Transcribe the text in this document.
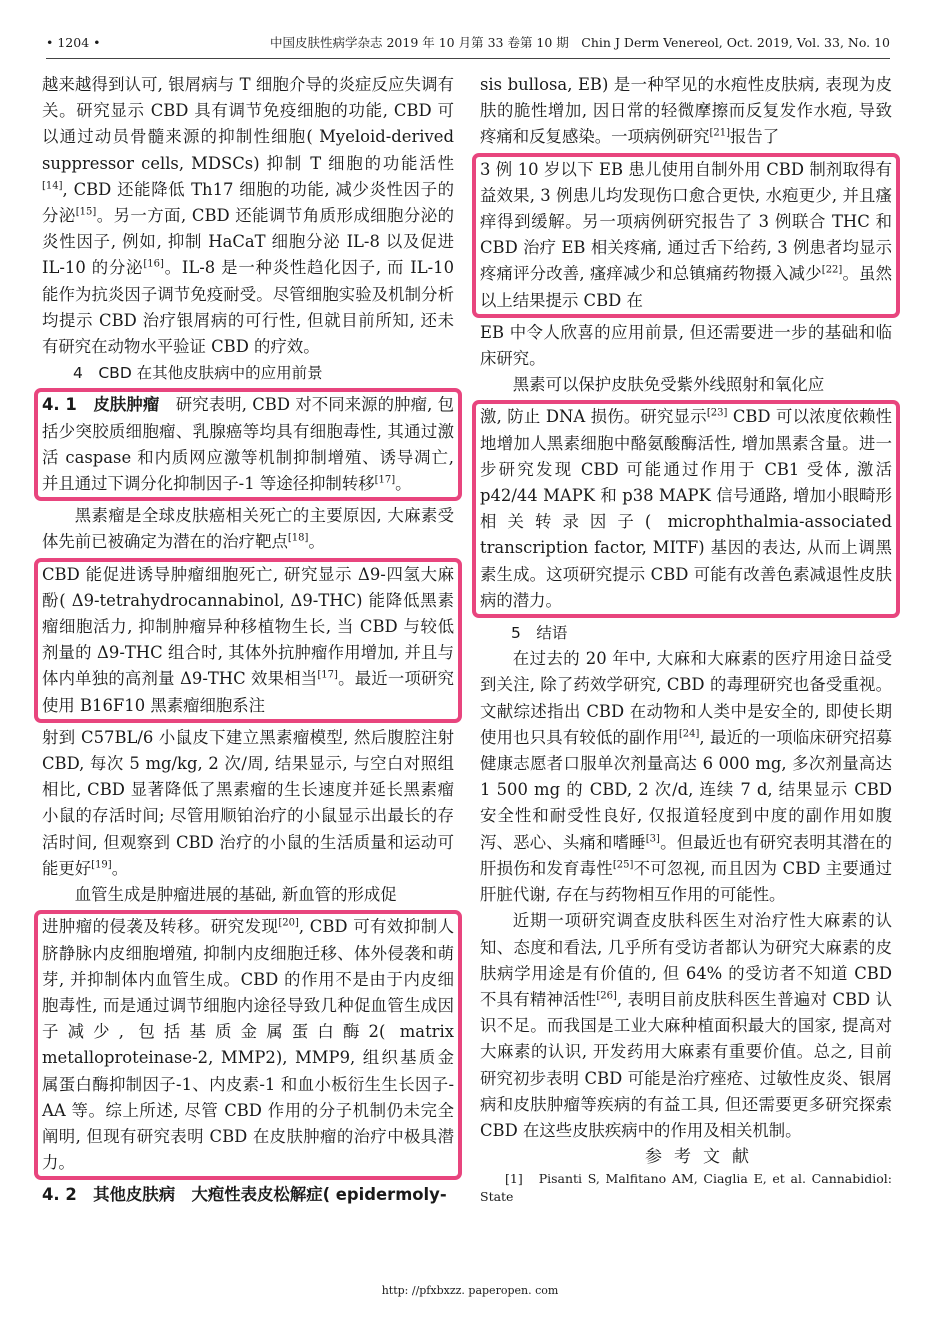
• 1204 •	中国皮肤性病学杂志 2019 年 10 月第 33 卷第 10 期　Chin J Derm Venereol, Oct. 2019, Vol. 33, No. 10

越来越得到认可, 银屑病与 T 细胞介导的炎症反应失调有关。研究显示 CBD 具有调节免疫细胞的功能, CBD 可以通过动员骨髓来源的抑制性细胞( Myeloid-derived suppressor cells, MDSCs) 抑制 T 细胞的功能活性[14], CBD 还能降低 Th17 细胞的功能, 减少炎性因子的分泌[15]。另一方面, CBD 还能调节角质形成细胞分泌的炎性因子, 例如, 抑制 HaCaT 细胞分泌 IL-8 以及促进 IL-10 的分泌[16]。IL-8 是一种炎性趋化因子, 而 IL-10 能作为抗炎因子调节免疫耐受。尽管细胞实验及机制分析均提示 CBD 治疗银屑病的可行性, 但就目前所知, 还未有研究在动物水平验证 CBD 的疗效。

4　CBD 在其他皮肤病中的应用前景

4. 1　皮肤肿瘤　研究表明, CBD 对不同来源的肿瘤, 包括少突胶质细胞瘤、乳腺癌等均具有细胞毒性, 其通过激活 caspase 和内质网应激等机制抑制增殖、诱导凋亡, 并且通过下调分化抑制因子-1 等途径抑制转移[17]。

黑素瘤是全球皮肤癌相关死亡的主要原因, 大麻素受体先前已被确定为潜在的治疗靶点[18]。

CBD 能促进诱导肿瘤细胞死亡, 研究显示 Δ9-四氢大麻酚( Δ9-tetrahydrocannabinol, Δ9-THC) 能降低黑素瘤细胞活力, 抑制肿瘤异种移植物生长, 当 CBD 与较低剂量的 Δ9-THC 组合时, 其体外抗肿瘤作用增加, 并且与体内单独的高剂量 Δ9-THC 效果相当[17]。最近一项研究使用 B16F10 黑素瘤细胞系注

射到 C57BL/6 小鼠皮下建立黑素瘤模型, 然后腹腔注射 CBD, 每次 5 mg/kg, 2 次/周, 结果显示, 与空白对照组相比, CBD 显著降低了黑素瘤的生长速度并延长黑素瘤小鼠的存活时间; 尽管用顺铂治疗的小鼠显示出最长的存活时间, 但观察到 CBD 治疗的小鼠的生活质量和运动可能更好[19]。

血管生成是肿瘤进展的基础, 新血管的形成促

进肿瘤的侵袭及转移。研究发现[20], CBD 可有效抑制人脐静脉内皮细胞增殖, 抑制内皮细胞迁移、体外侵袭和萌芽, 并抑制体内血管生成。CBD 的作用不是由于内皮细胞毒性, 而是通过调节细胞内途径导致几种促血管生成因子减少, 包括基质金属蛋白酶2( matrix metalloproteinase-2, MMP2), MMP9, 组织基质金属蛋白酶抑制因子-1、内皮素-1 和血小板衍生生长因子-AA 等。综上所述, 尽管 CBD 作用的分子机制仍未完全阐明, 但现有研究表明 CBD 在皮肤肿瘤的治疗中极具潜力。

4. 2　其他皮肤病　大疱性表皮松解症( epidermoly-

sis bullosa, EB) 是一种罕见的水疱性皮肤病, 表现为皮肤的脆性增加, 因日常的轻微摩擦而反复发作水疱, 导致疼痛和反复感染。一项病例研究[21]报告了

3 例 10 岁以下 EB 患儿使用自制外用 CBD 制剂取得有益效果, 3 例患儿均发现伤口愈合更快, 水疱更少, 并且瘙痒得到缓解。另一项病例研究报告了 3 例联合 THC 和 CBD 治疗 EB 相关疼痛, 通过舌下给药, 3 例患者均显示疼痛评分改善, 瘙痒减少和总镇痛药物摄入减少[22]。虽然以上结果提示 CBD 在

EB 中令人欣喜的应用前景, 但还需要进一步的基础和临床研究。

黑素可以保护皮肤免受紫外线照射和氧化应

激, 防止 DNA 损伤。研究显示[23] CBD 可以浓度依赖性地增加人黑素细胞中酪氨酸酶活性, 增加黑素含量。进一步研究发现 CBD 可能通过作用于 CB1 受体, 激活 p42/44 MAPK 和 p38 MAPK 信号通路, 增加小眼畸形相关转录因子( microphthalmia-associated transcription factor, MITF) 基因的表达, 从而上调黑素生成。这项研究提示 CBD 可能有改善色素减退性皮肤病的潜力。

5　结语

在过去的 20 年中, 大麻和大麻素的医疗用途日益受到关注, 除了药效学研究, CBD 的毒理研究也备受重视。文献综述指出 CBD 在动物和人类中是安全的, 即使长期使用也只具有较低的副作用[24], 最近的一项临床研究招募健康志愿者口服单次剂量高达 6 000 mg, 多次剂量高达 1 500 mg 的 CBD, 2 次/d, 连续 7 d, 结果显示 CBD 安全性和耐受性良好, 仅报道轻度到中度的副作用如腹泻、恶心、头痛和嗜睡[3]。但最近也有研究表明其潜在的肝损伤和发育毒性[25]不可忽视, 而且因为 CBD 主要通过肝脏代谢, 存在与药物相互作用的可能性。

近期一项研究调查皮肤科医生对治疗性大麻素的认知、态度和看法, 几乎所有受访者都认为研究大麻素的皮肤病学用途是有价值的, 但 64% 的受访者不知道 CBD 不具有精神活性[26], 表明目前皮肤科医生普遍对 CBD 认识不足。而我国是工业大麻种植面积最大的国家, 提高对大麻素的认识, 开发药用大麻素有重要价值。总之, 目前研究初步表明 CBD 可能是治疗痤疮、过敏性皮炎、银屑病和皮肤肿瘤等疾病的有益工具, 但还需要更多研究探索 CBD 在这些皮肤疾病中的作用及相关机制。

参考文献

[1]　Pisanti S, Malfitano AM, Ciaglia E, et al. Cannabidiol: State

http: //pfxbxzz. paperopen. com
